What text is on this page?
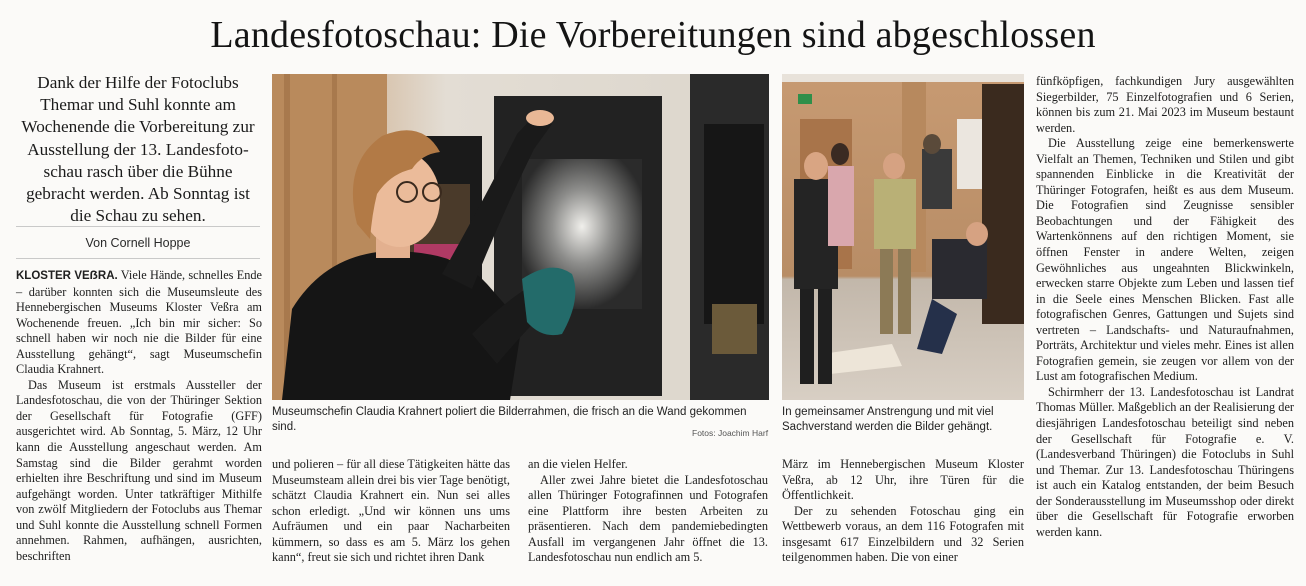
Landesfotoschau: Die Vorbereitungen sind abgeschlossen
Dank der Hilfe der Fotoclubs Themar und Suhl konnte am Wochenende die Vorbereitung zur Ausstellung der 13. Landesfotoschau rasch über die Bühne gebracht werden. Ab Sonntag ist die Schau zu sehen.
Von Cornell Hoppe

KLOSTER VEẞRA. Viele Hände, schnelles Ende – darüber konnten sich die Museumsleute des Hennebergischen Museums Kloster Veßra am Wochenende freuen. „Ich bin mir sicher: So schnell haben wir noch nie die Bilder für eine Ausstellung gehängt“, sagt Museumschefin Claudia Krahnert.

Das Museum ist erstmals Aussteller der Landesfotoschau, die von der Thüringer Sektion der Gesellschaft für Fotografie (GFF) ausgerichtet wird. Ab Sonntag, 5. März, 12 Uhr kann die Ausstellung angeschaut werden. Am Samstag sind die Bilder gerahmt worden erhielten ihre Beschriftung und sind im Museum aufgehängt worden. Unter tatkräftiger Mithilfe von zwölf Mitgliedern der Fotoclubs aus Themar und Suhl konnte die Ausstellung schnell Formen annehmen. Rahmen, aufhängen, ausrichten, beschriften

Museumschefin Claudia Krahnert poliert die Bilderrahmen, die frisch an die Wand gekommen sind.	Fotos: Joachim Harf
In gemeinsamer Anstrengung und mit viel Sachverstand werden die Bilder gehängt.

und polieren – für all diese Tätigkeiten hätte das Museumsteam allein drei bis vier Tage benötigt, schätzt Claudia Krahnert ein. Nun sei alles schon erledigt. „Und wir können uns ums Aufräumen und ein paar Nacharbeiten kümmern, so dass es am 5. März los gehen kann“, freut sie sich und richtet ihren Dank

an die vielen Helfer.

Aller zwei Jahre bietet die Landesfotoschau allen Thüringer Fotografinnen und Fotografen eine Plattform ihre besten Arbeiten zu präsentieren. Nach dem pandemiebedingten Ausfall im vergangenen Jahr öffnet die 13. Landesfotoschau nun endlich am 5.

März im Hennebergischen Museum Kloster Veßra, ab 12 Uhr, ihre Türen für die Öffentlichkeit.

Der zu sehenden Fotoschau ging ein Wettbewerb voraus, an dem 116 Fotografen mit insgesamt 617 Einzelbildern und 32 Serien teilgenommen haben. Die von einer

fünfköpfigen, fachkundigen Jury ausgewählten Siegerbilder, 75 Einzelfotografien und 6 Serien, können bis zum 21. Mai 2023 im Museum bestaunt werden.

Die Ausstellung zeige eine bemerkenswerte Vielfalt an Themen, Techniken und Stilen und gibt spannenden Einblicke in die Kreativität der Thüringer Fotografen, heißt es aus dem Museum. Die Fotografien sind Zeugnisse sensibler Beobachtungen und der Fähigkeit des Wartenkönnens auf den richtigen Moment, sie öffnen Fenster in andere Welten, zeigen Gewöhnliches aus ungeahnten Blickwinkeln, erwecken starre Objekte zum Leben und lassen tief in die Seele eines Menschen Blicken. Fast alle fotografischen Genres, Gattungen und Sujets sind vertreten – Landschafts- und Naturaufnahmen, Porträts, Architektur und vieles mehr. Eines ist allen Fotografien gemein, sie zeugen vor allem von der Lust am fotografischen Medium.

Schirmherr der 13. Landesfotoschau ist Landrat Thomas Müller. Maßgeblich an der Realisierung der diesjährigen Landesfotoschau beteiligt sind neben der Gesellschaft für Fotografie e. V. (Landesverband Thüringen) die Fotoclubs in Suhl und Themar. Zur 13. Landesfotoschau Thüringens ist auch ein Katalog entstanden, der beim Besuch der Sonderausstellung im Museumsshop oder direkt über die Gesellschaft für Fotografie erworben werden kann.
